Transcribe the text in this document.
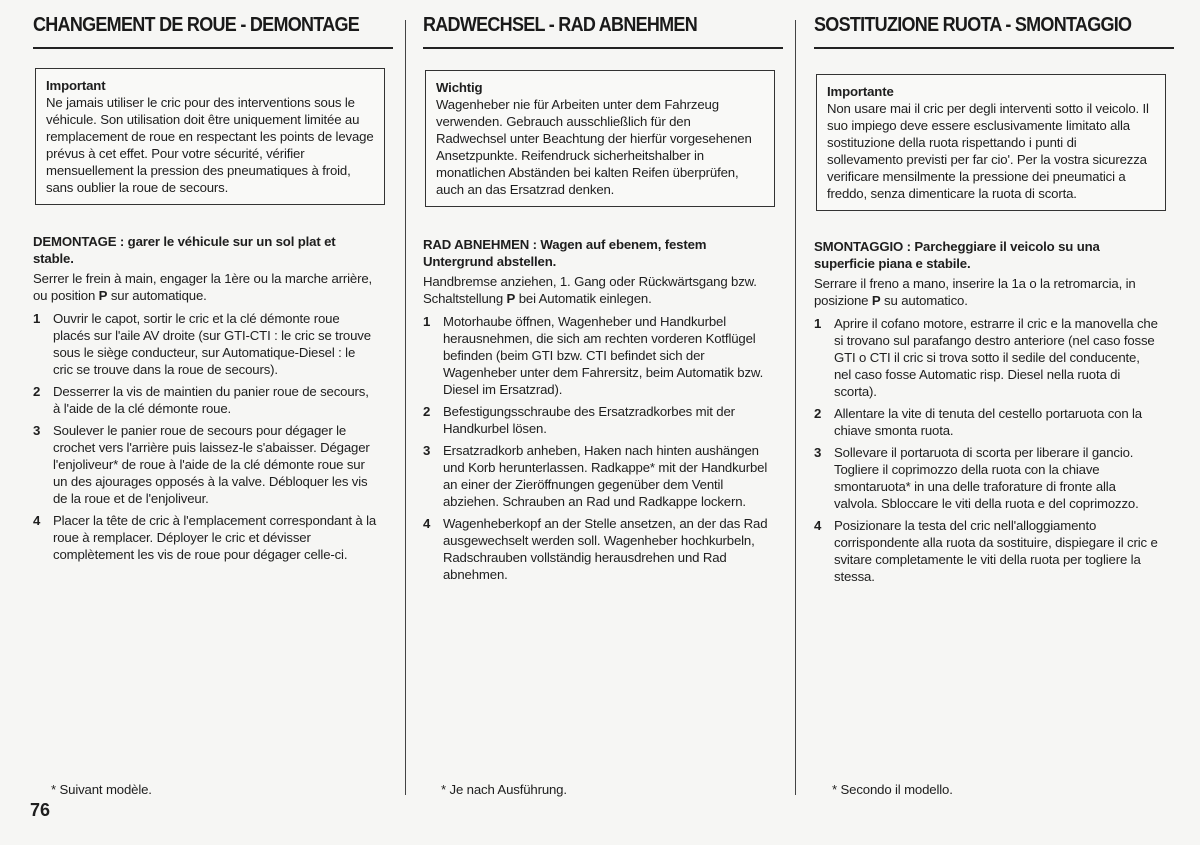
CHANGEMENT DE ROUE - DEMONTAGE
Important
Ne jamais utiliser le cric pour des interventions sous le véhicule. Son utilisation doit être uniquement limitée au remplacement de roue en respectant les points de levage prévus à cet effet. Pour votre sécurité, vérifier mensuellement la pression des pneumatiques à froid, sans oublier la roue de secours.
DEMONTAGE : garer le véhicule sur un sol plat et stable.
Serrer le frein à main, engager la 1ère ou la marche arrière, ou position P sur automatique.
1 Ouvrir le capot, sortir le cric et la clé démonte roue placés sur l'aile AV droite (sur GTI-CTI : le cric se trouve sous le siège conducteur, sur Automatique-Diesel : le cric se trouve dans la roue de secours).
2 Desserrer la vis de maintien du panier roue de secours, à l'aide de la clé démonte roue.
3 Soulever le panier roue de secours pour dégager le crochet vers l'arrière puis laissez-le s'abaisser. Dégager l'enjoliveur* de roue à l'aide de la clé démonte roue sur un des ajourages opposés à la valve. Débloquer les vis de la roue et de l'enjoliveur.
4 Placer la tête de cric à l'emplacement correspondant à la roue à remplacer. Déployer le cric et dévisser complètement les vis de roue pour dégager celle-ci.
* Suivant modèle.
RADWECHSEL - RAD ABNEHMEN
Wichtig
Wagenheber nie für Arbeiten unter dem Fahrzeug verwenden. Gebrauch ausschließlich für den Radwechsel unter Beachtung der hierfür vorgesehenen Ansetzpunkte. Reifendruck sicherheitshalber in monatlichen Abständen bei kalten Reifen überprüfen, auch an das Ersatzrad denken.
RAD ABNEHMEN : Wagen auf ebenem, festem Untergrund abstellen.
Handbremse anziehen, 1. Gang oder Rückwärtsgang bzw. Schaltstellung P bei Automatik einlegen.
1 Motorhaube öffnen, Wagenheber und Handkurbel herausnehmen, die sich am rechten vorderen Kotflügel befinden (beim GTI bzw. CTI befindet sich der Wagenheber unter dem Fahrersitz, beim Automatik bzw. Diesel im Ersatzrad).
2 Befestigungsschraube des Ersatzradkorbes mit der Handkurbel lösen.
3 Ersatzradkorb anheben, Haken nach hinten aushängen und Korb herunterlassen. Radkappe* mit der Handkurbel an einer der Zieröffnungen gegenüber dem Ventil abziehen. Schrauben an Rad und Radkappe lockern.
4 Wagenheberkopf an der Stelle ansetzen, an der das Rad ausgewechselt werden soll. Wagenheber hochkurbeln, Radschrauben vollständig herausdrehen und Rad abnehmen.
* Je nach Ausführung.
SOSTITUZIONE RUOTA - SMONTAGGIO
Importante
Non usare mai il cric per degli interventi sotto il veicolo. Il suo impiego deve essere esclusivamente limitato alla sostituzione della ruota rispettando i punti di sollevamento previsti per far cio'. Per la vostra sicurezza verificare mensilmente la pressione dei pneumatici a freddo, senza dimenticare la ruota di scorta.
SMONTAGGIO : Parcheggiare il veicolo su una superficie piana e stabile.
Serrare il freno a mano, inserire la 1a o la retromarcia, in posizione P su automatico.
1 Aprire il cofano motore, estrarre il cric e la manovella che si trovano sul parafango destro anteriore (nel caso fosse GTI o CTI il cric si trova sotto il sedile del conducente, nel caso fosse Automatic risp. Diesel nella ruota di scorta).
2 Allentare la vite di tenuta del cestello portaruota con la chiave smonta ruota.
3 Sollevare il portaruota di scorta per liberare il gancio. Togliere il coprimozzo della ruota con la chiave smontaruota* in una delle traforature di fronte alla valvola. Sbloccare le viti della ruota e del coprimozzo.
4 Posizionare la testa del cric nell'alloggiamento corrispondente alla ruota da sostituire, dispiegare il cric e svitare completamente le viti della ruota per togliere la stessa.
* Secondo il modello.
76
